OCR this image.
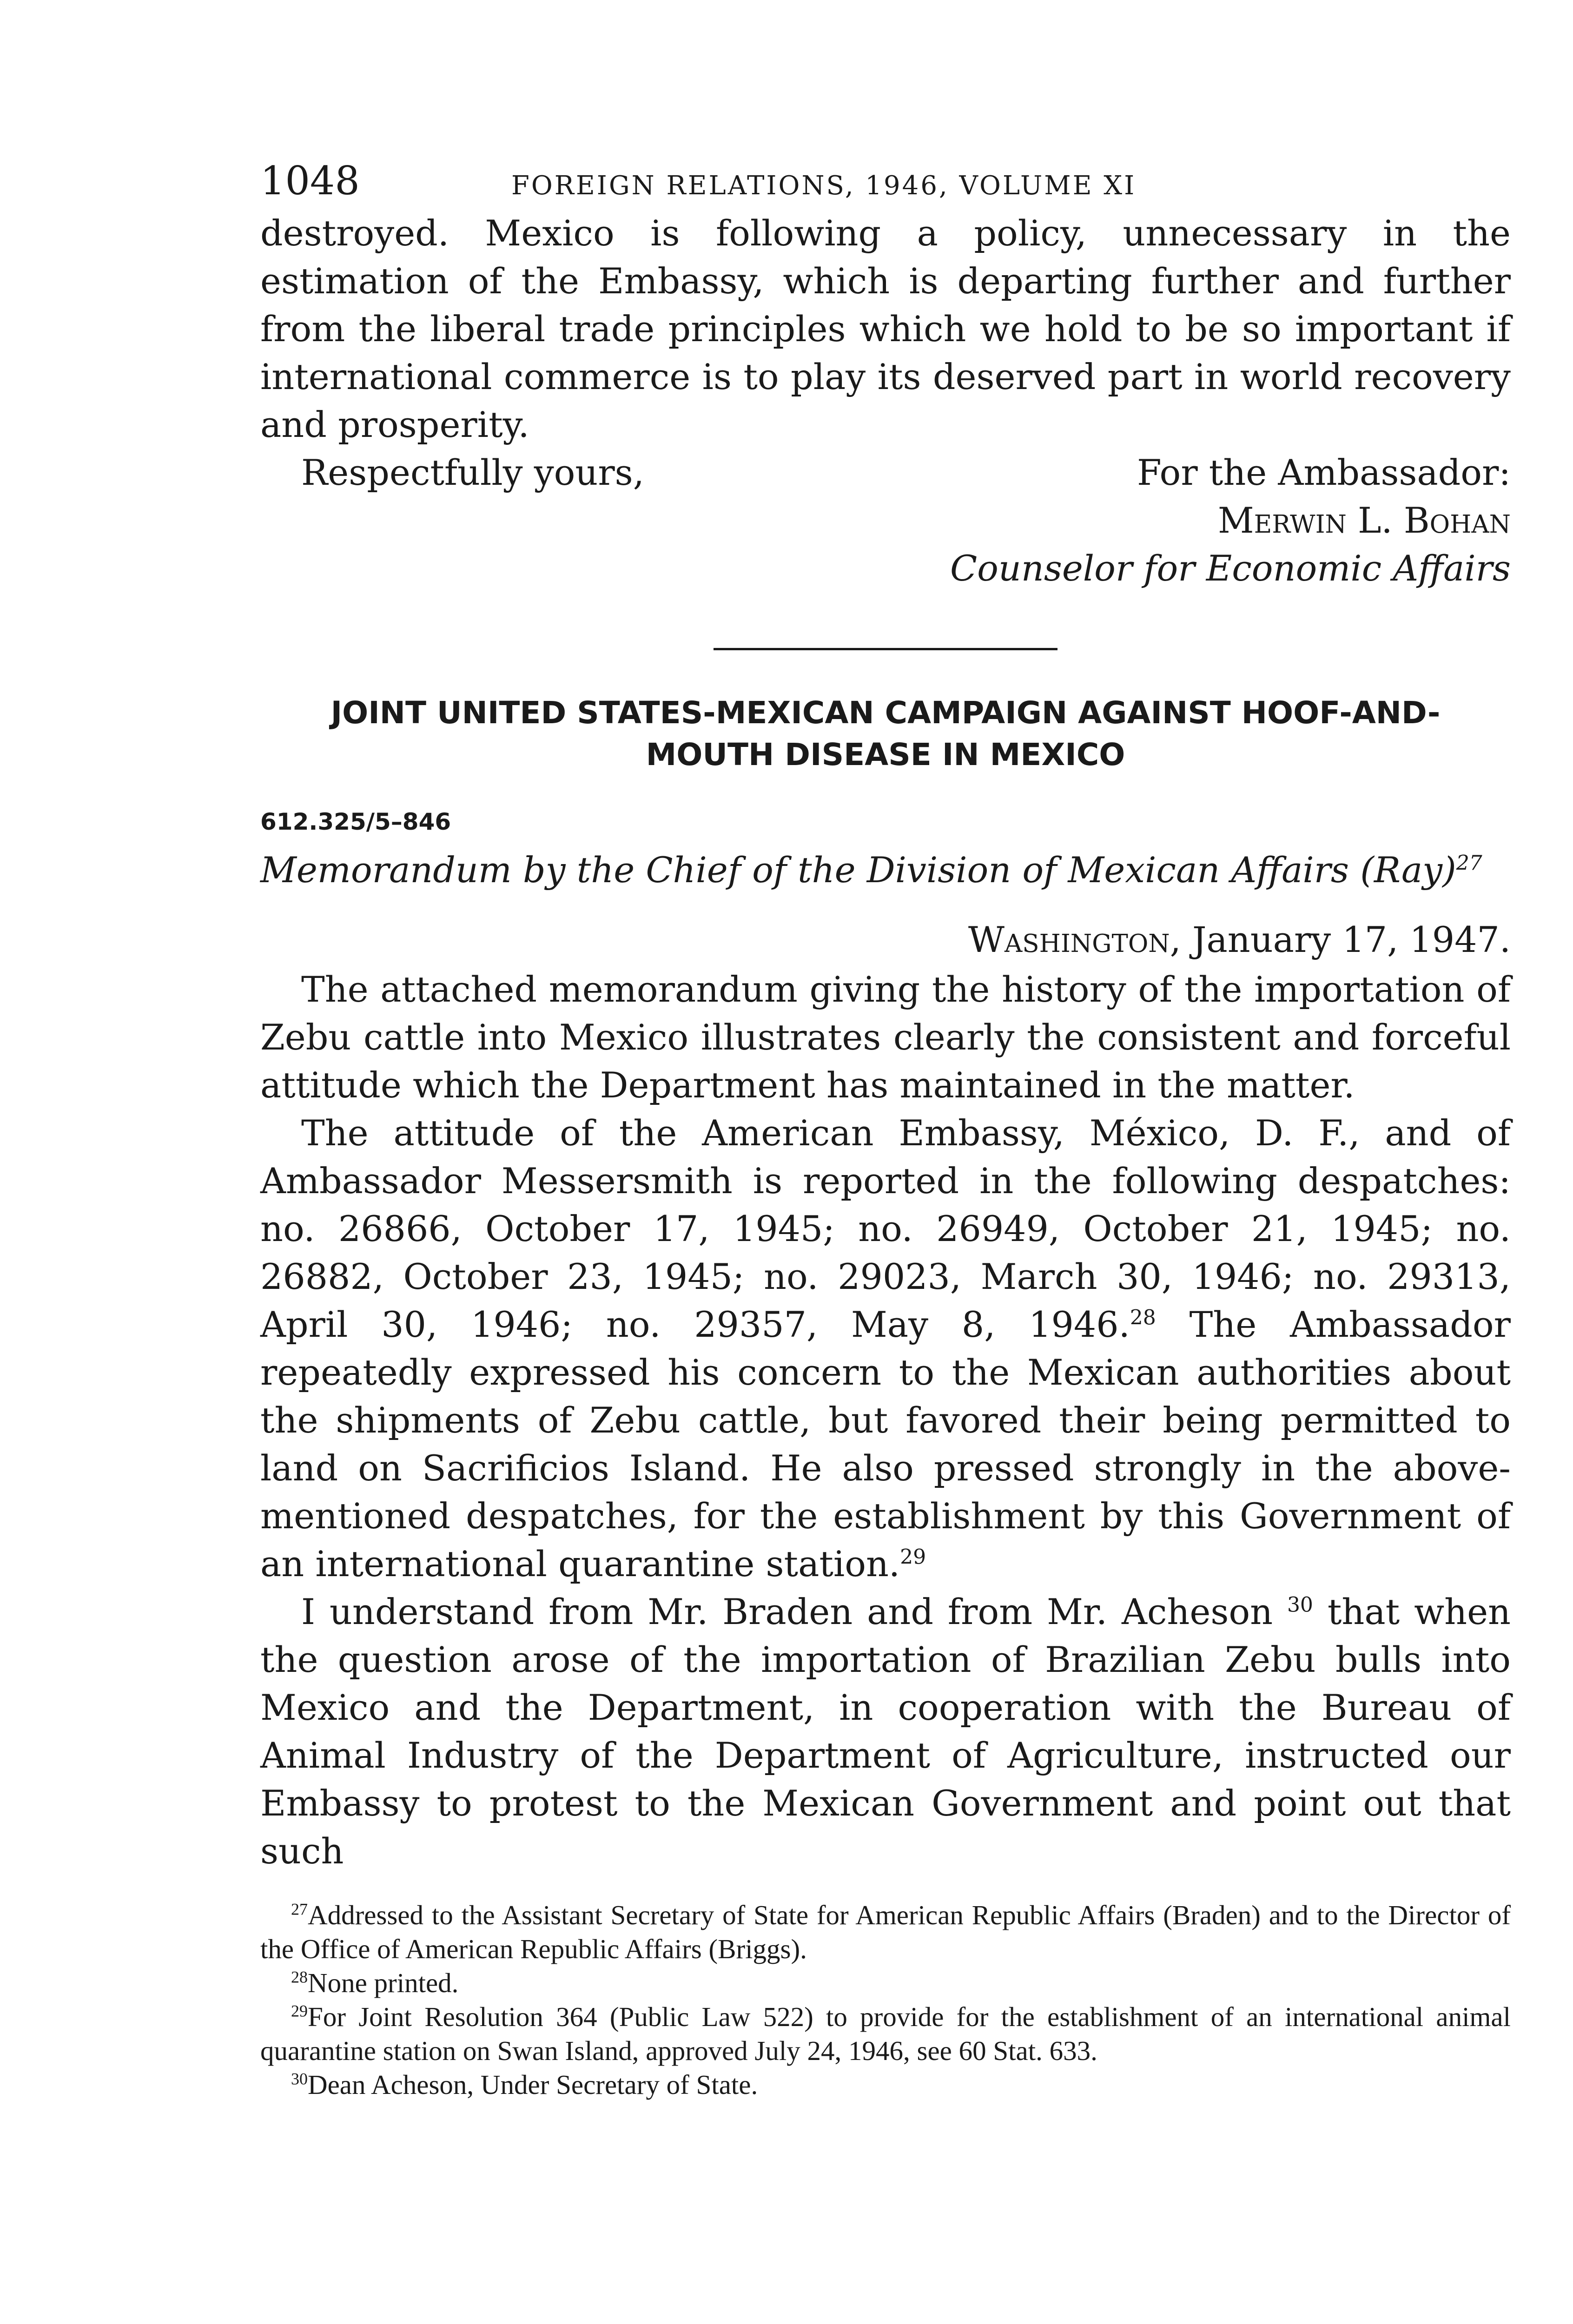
1048	FOREIGN RELATIONS, 1946, VOLUME XI

destroyed. Mexico is following a policy, unnecessary in the estimation of the Embassy, which is departing further and further from the liberal trade principles which we hold to be so important if international commerce is to play its deserved part in world recovery and prosperity.

Respectfully yours,	For the Ambassador:
Merwin L. Bohan
Counselor for Economic Affairs

JOINT UNITED STATES-MEXICAN CAMPAIGN AGAINST HOOF-AND-

MOUTH DISEASE IN MEXICO

612.325/5–846
Memorandum by the Chief of the Division of Mexican Affairs (Ray)$^{27}$
Washington, January 17, 1947.

The attached memorandum giving the history of the importation of Zebu cattle into Mexico illustrates clearly the consistent and forceful attitude which the Department has maintained in the matter.

The attitude of the American Embassy, México, D. F., and of Ambassador Messersmith is reported in the following despatches: no. 26866, October 17, 1945; no. 26949, October 21, 1945; no. 26882, October 23, 1945; no. 29023, March 30, 1946; no. 29313, April 30, 1946; no. 29357, May 8, 1946.28 The Ambassador repeatedly expressed his concern to the Mexican authorities about the shipments of Zebu cattle, but favored their being permitted to land on Sacrificios Island. He also pressed strongly in the above-mentioned despatches, for the establishment by this Government of an international quarantine station.$^{29}$

I understand from Mr. Braden and from Mr. Acheson $^{30}$ that when the question arose of the importation of Brazilian Zebu bulls into Mexico and the Department, in cooperation with the Bureau of Animal Industry of the Department of Agriculture, instructed our Embassy to protest to the Mexican Government and point out that such

$^{27}$Addressed to the Assistant Secretary of State for American Republic Affairs (Braden) and to the Director of the Office of American Republic Affairs (Briggs).

$^{28}$None printed.

$^{29}$For Joint Resolution 364 (Public Law 522) to provide for the establishment of an international animal quarantine station on Swan Island, approved July 24, 1946, see 60 Stat. 633.

$^{30}$Dean Acheson, Under Secretary of State.
